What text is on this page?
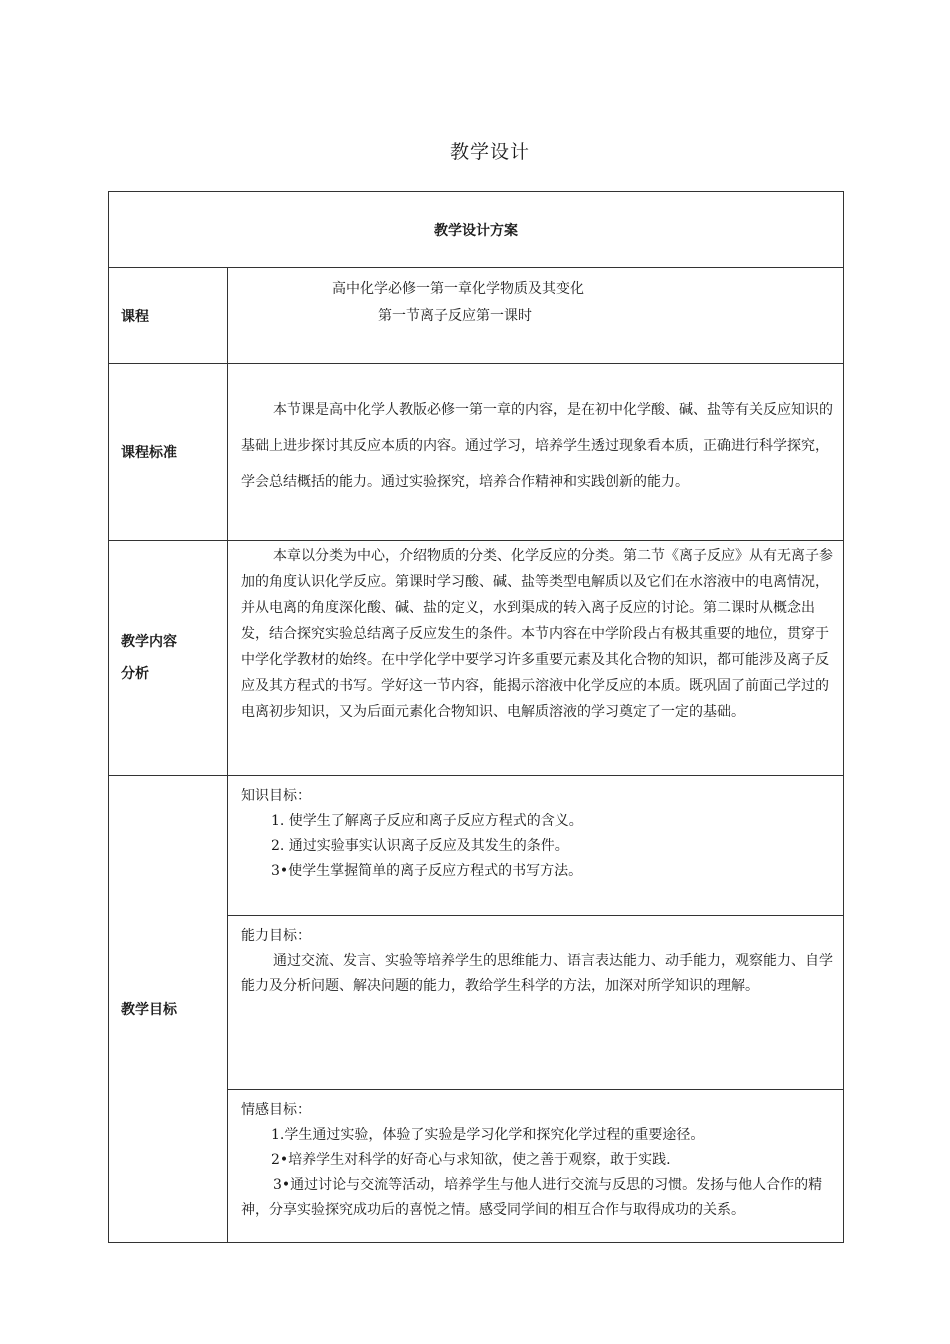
教学设计
教学设计方案	
课程	高中化学必修一第一章化学物质及其变化
第一节离子反应第一课时

课程标准	本节课是高中化学人教版必修一第一章的内容，是在初中化学酸、碱、盐等有关反应知识的基础上进步探讨其反应本质的内容。通过学习，培养学生透过现象看本质，正确进行科学探究，学会总结概括的能力。通过实验探究，培养合作精神和实践创新的能力。

教学内容
分析	本章以分类为中心，介绍物质的分类、化学反应的分类。第二节《离子反应》从有无离子参加的角度认识化学反应。第课时学习酸、碱、盐等类型电解质以及它们在水溶液中的电离情况，并从电离的角度深化酸、碱、盐的定义，水到渠成的转入离子反应的讨论。第二课时从概念出发，结合探究实验总结离子反应发生的条件。本节内容在中学阶段占有极其重要的地位，贯穿于中学化学教材的始终。在中学化学中要学习许多重要元素及其化合物的知识，都可能涉及离子反应及其方程式的书写。学好这一节内容，能揭示溶液中化学反应的本质。既巩固了前面己学过的电离初步知识，又为后面元素化合物知识、电解质溶液的学习奠定了一定的基础。

教学目标	知识目标：

1. 使学生了解离子反应和离子反应方程式的含义。

2. 通过实验事实认识离子反应及其发生的条件。

3•使学生掌握简单的离子反应方程式的书写方法。

	能力目标：

通过交流、发言、实验等培养学生的思维能力、语言表达能力、动手能力，观察能力、自学能力及分析问题、解决问题的能力，教给学生科学的方法，加深对所学知识的理解。

	情感目标：

1.学生通过实验，体验了实验是学习化学和探究化学过程的重要途径。

2•培养学生对科学的好奇心与求知欲，使之善于观察，敢于实践.

3•通过讨论与交流等活动，培养学生与他人进行交流与反思的习惯。发扬与他人合作的精神，分享实验探究成功后的喜悦之情。感受同学间的相互合作与取得成功的关系。
